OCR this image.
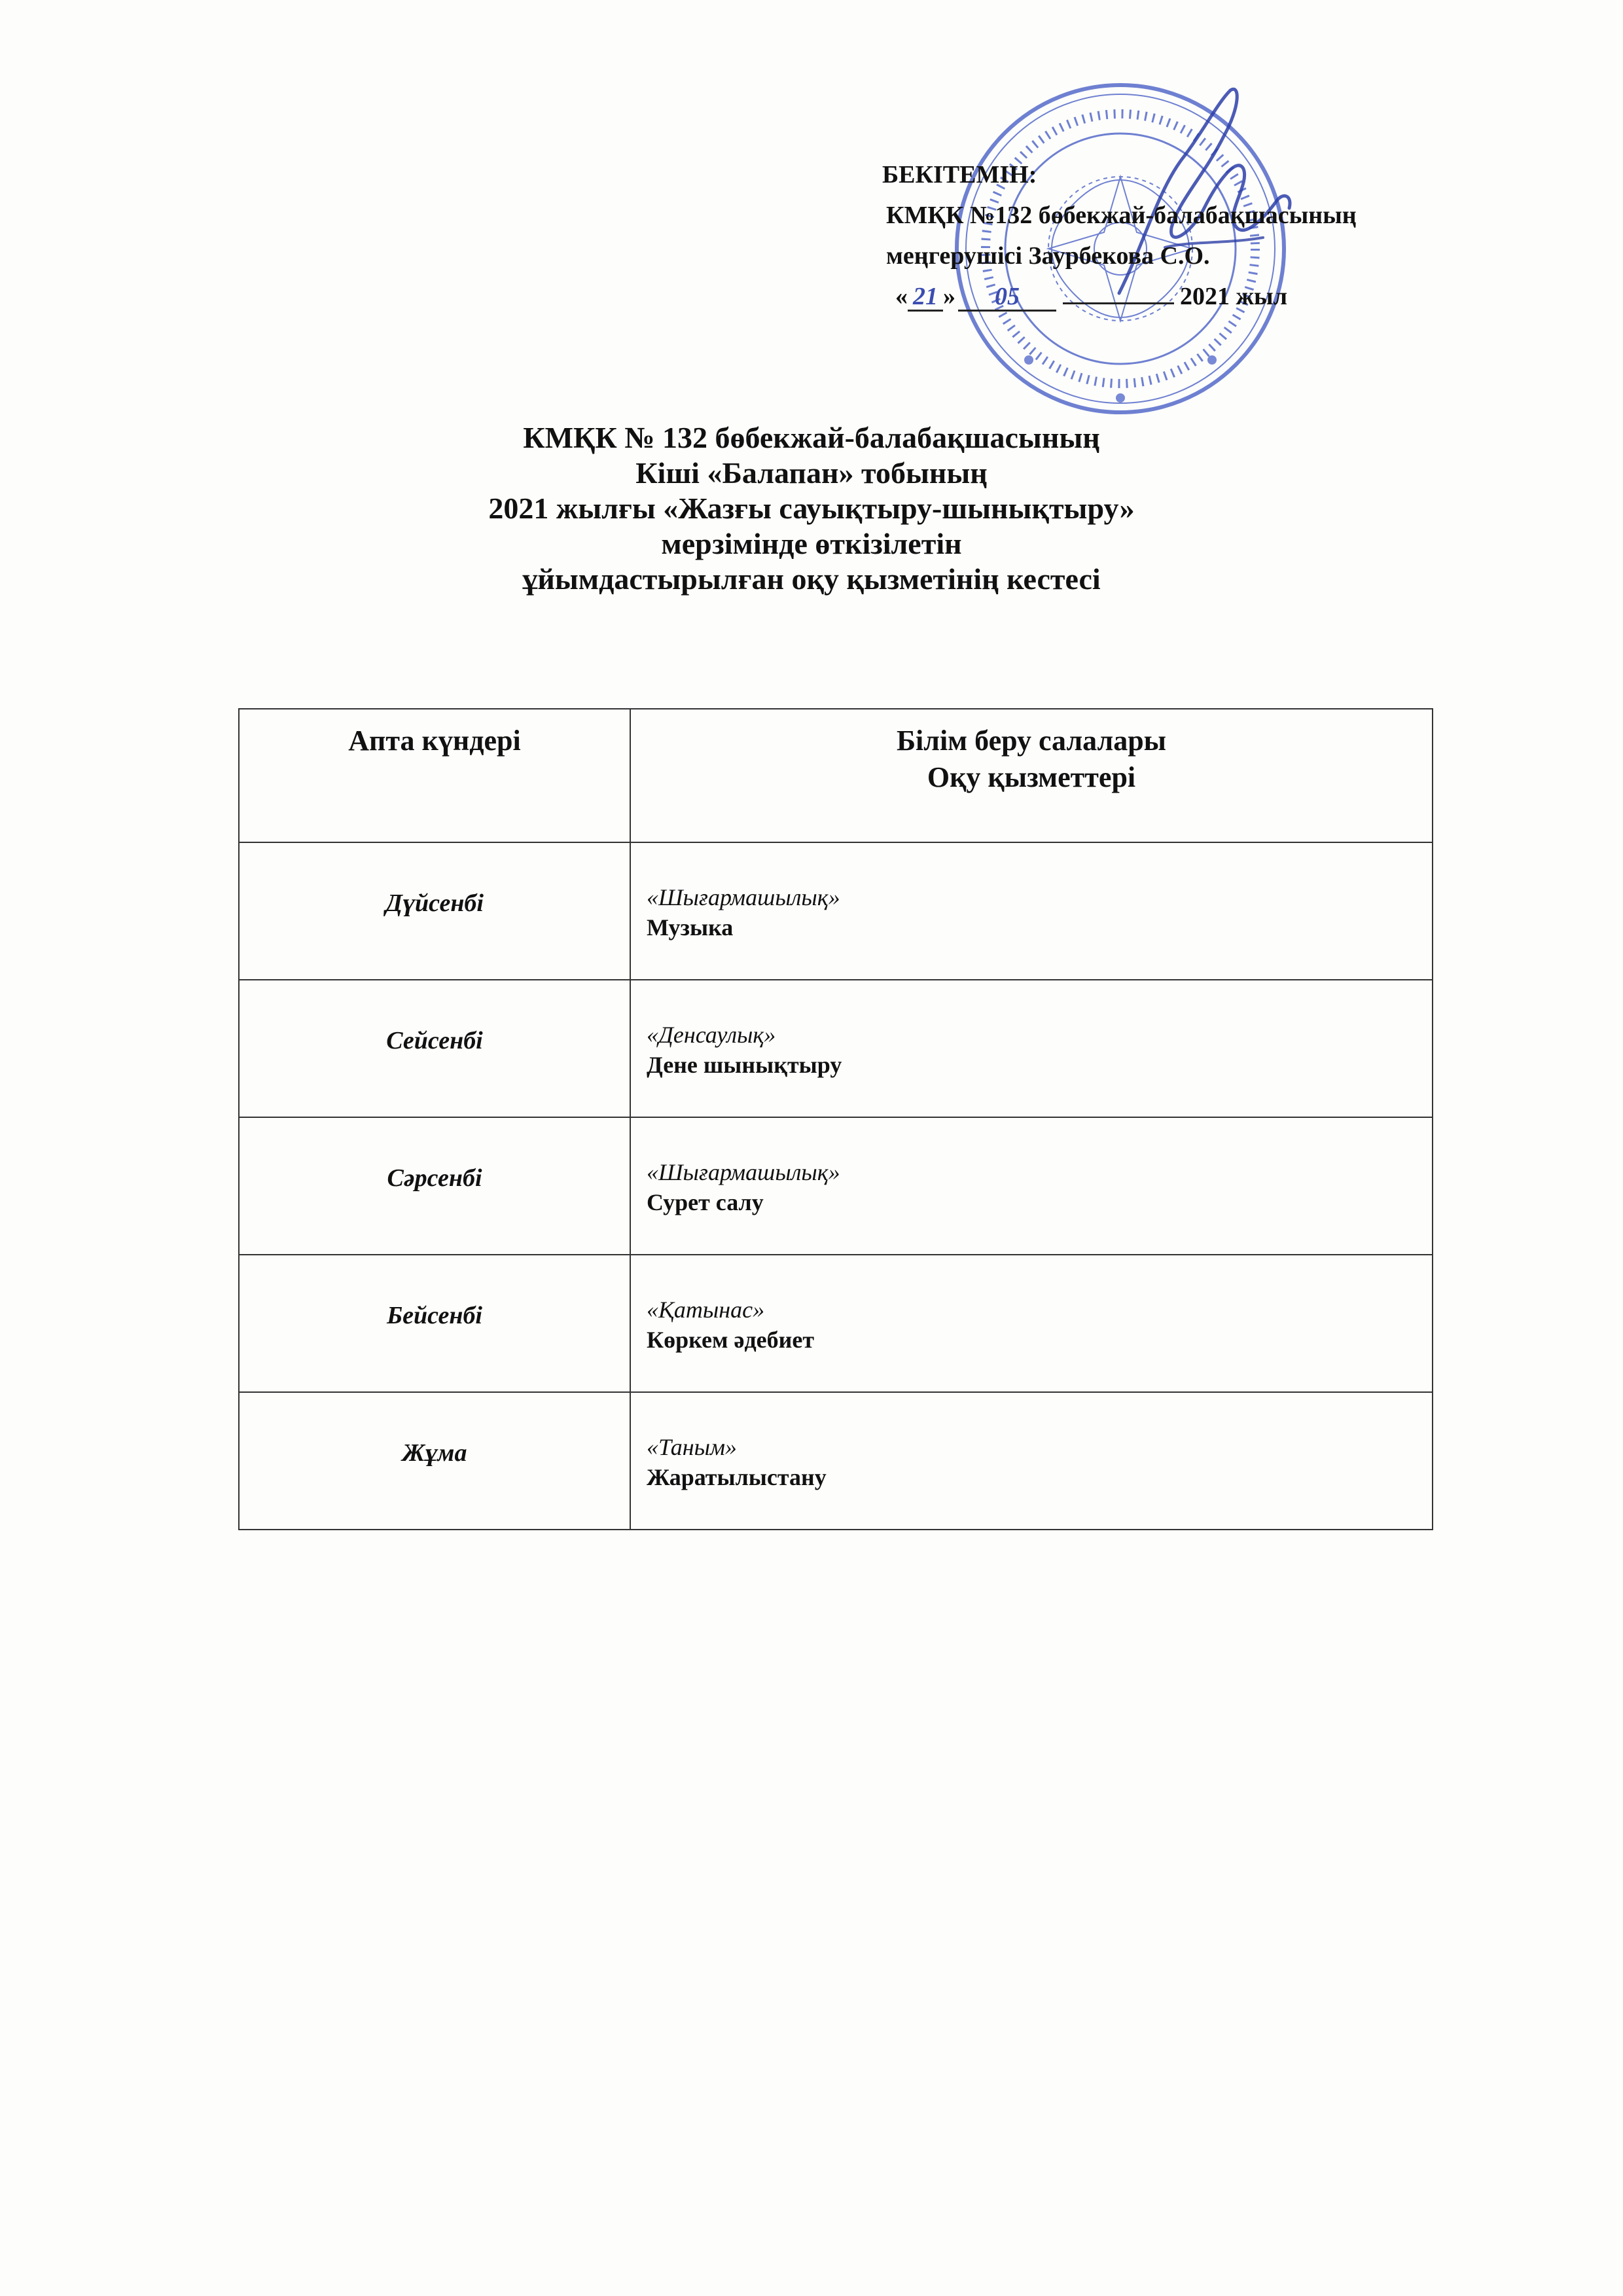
БЕКІТЕМІН:
КМҚК №132 бөбекжай-балабақшасының
меңгерушісі Заурбекова С.О.
« 21 » 05	2021 жыл
КМҚК № 132 бөбекжай-балабақшасының
Кіші «Балапан» тобының
2021 жылғы «Жазғы сауықтыру-шынықтыру»
мерзімінде өткізілетін
ұйымдастырылған оқу қызметінің кестесі
Апта күндері	Білім беру салалары
Оқу қызметтері

Дүйсенбі	«Шығармашылық»
Музыка

Сейсенбі	«Денсаулық»
Дене шынықтыру

Сәрсенбі	«Шығармашылық»
Сурет салу

Бейсенбі	«Қатынас»
Көркем әдебиет

Жұма	«Таным»
Жаратылыстану
